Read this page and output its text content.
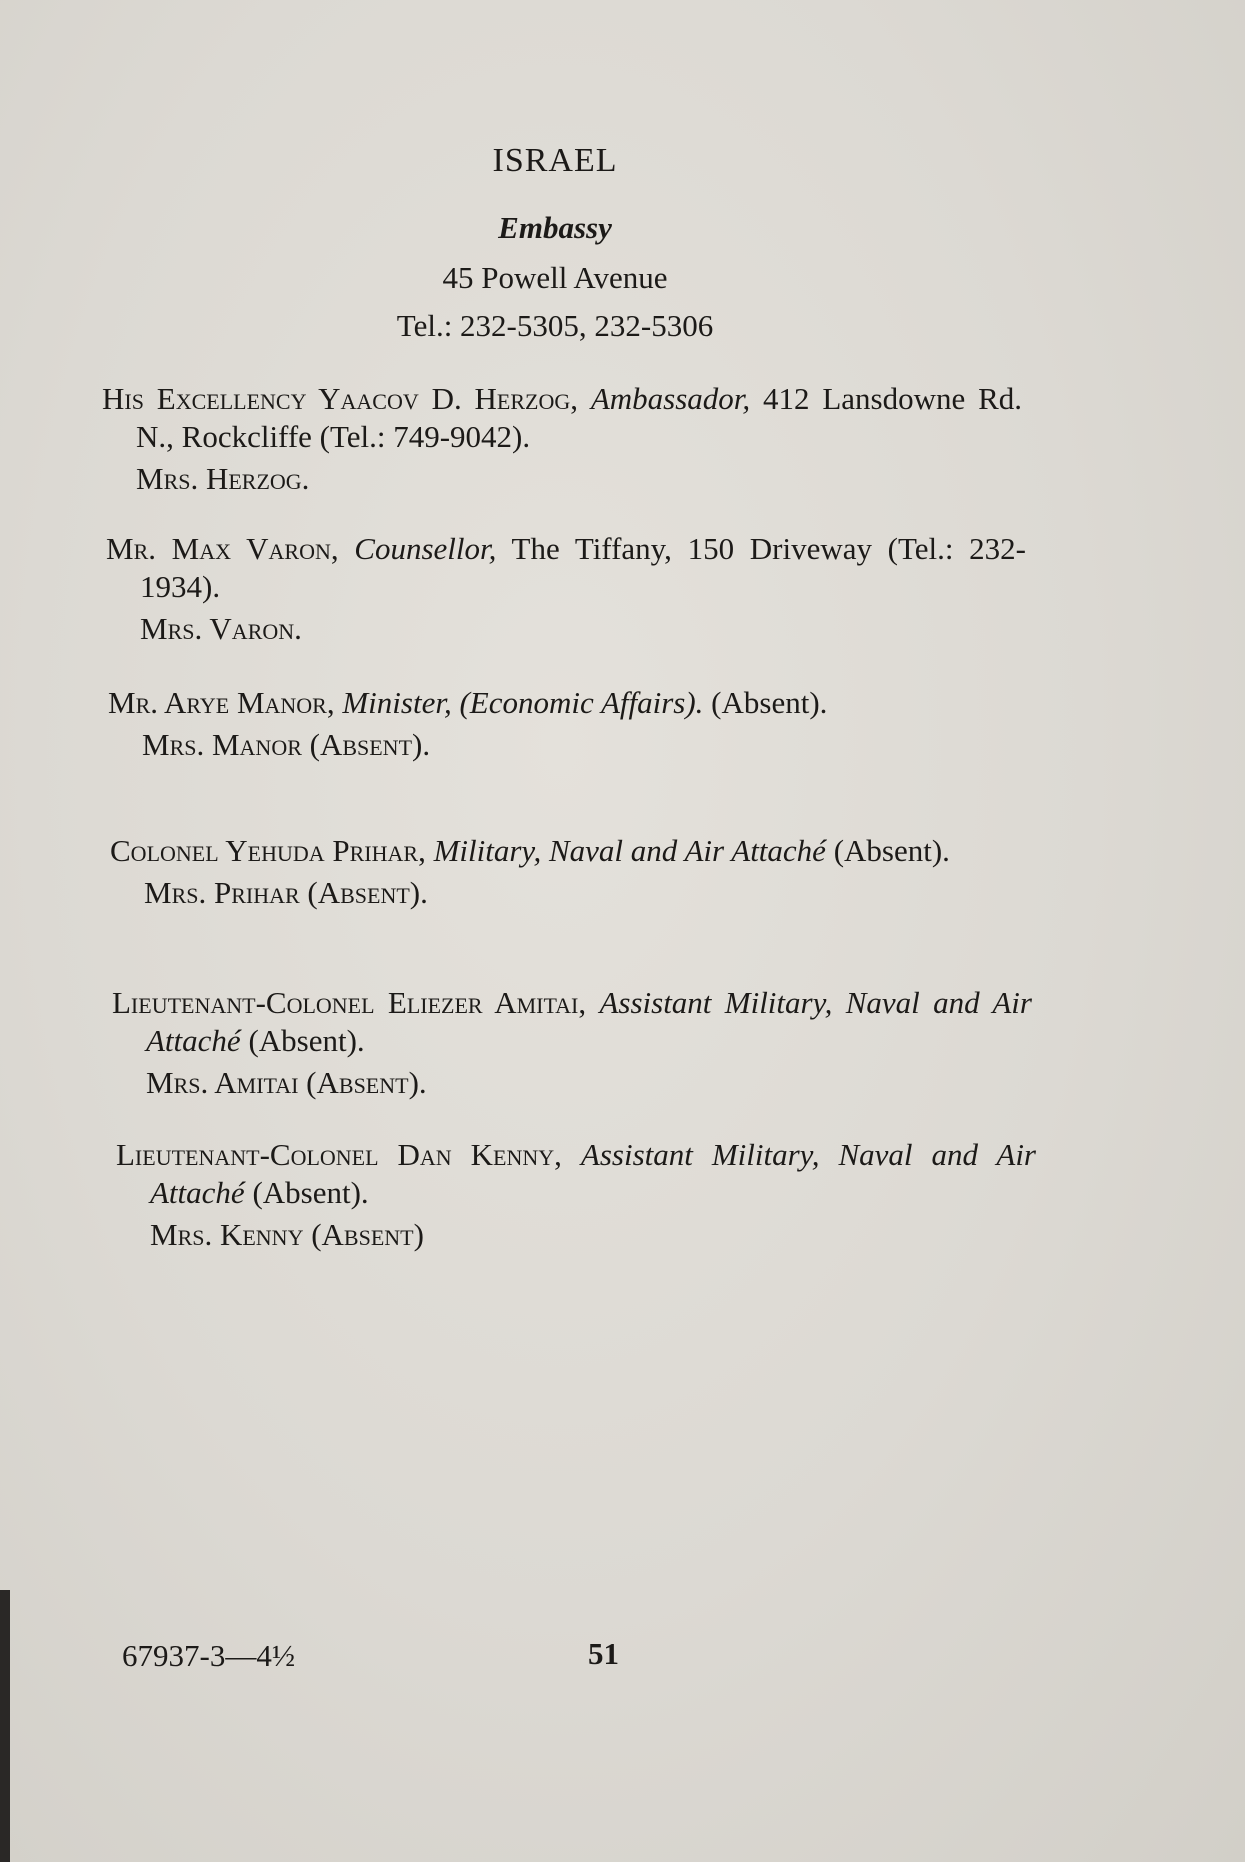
ISRAEL
Embassy
45 Powell Avenue
Tel.: 232-5305, 232-5306

His Excellency Yaacov D. Herzog, Ambassador, 412 Lansdowne Rd. N., Rockcliffe (Tel.: 749-9042).

Mrs. Herzog.

Mr. Max Varon, Counsellor, The Tiffany, 150 Driveway (Tel.: 232-1934).

Mrs. Varon.

Mr. Arye Manor, Minister, (Economic Affairs). (Absent).

Mrs. Manor (Absent).

Colonel Yehuda Prihar, Military, Naval and Air Attaché (Absent).

Mrs. Prihar (Absent).

Lieutenant-Colonel Eliezer Amitai, Assistant Military, Naval and Air Attaché (Absent).

Mrs. Amitai (Absent).

Lieutenant-Colonel Dan Kenny, Assistant Military, Naval and Air Attaché (Absent).

Mrs. Kenny (Absent)

67937-3—4½	51
